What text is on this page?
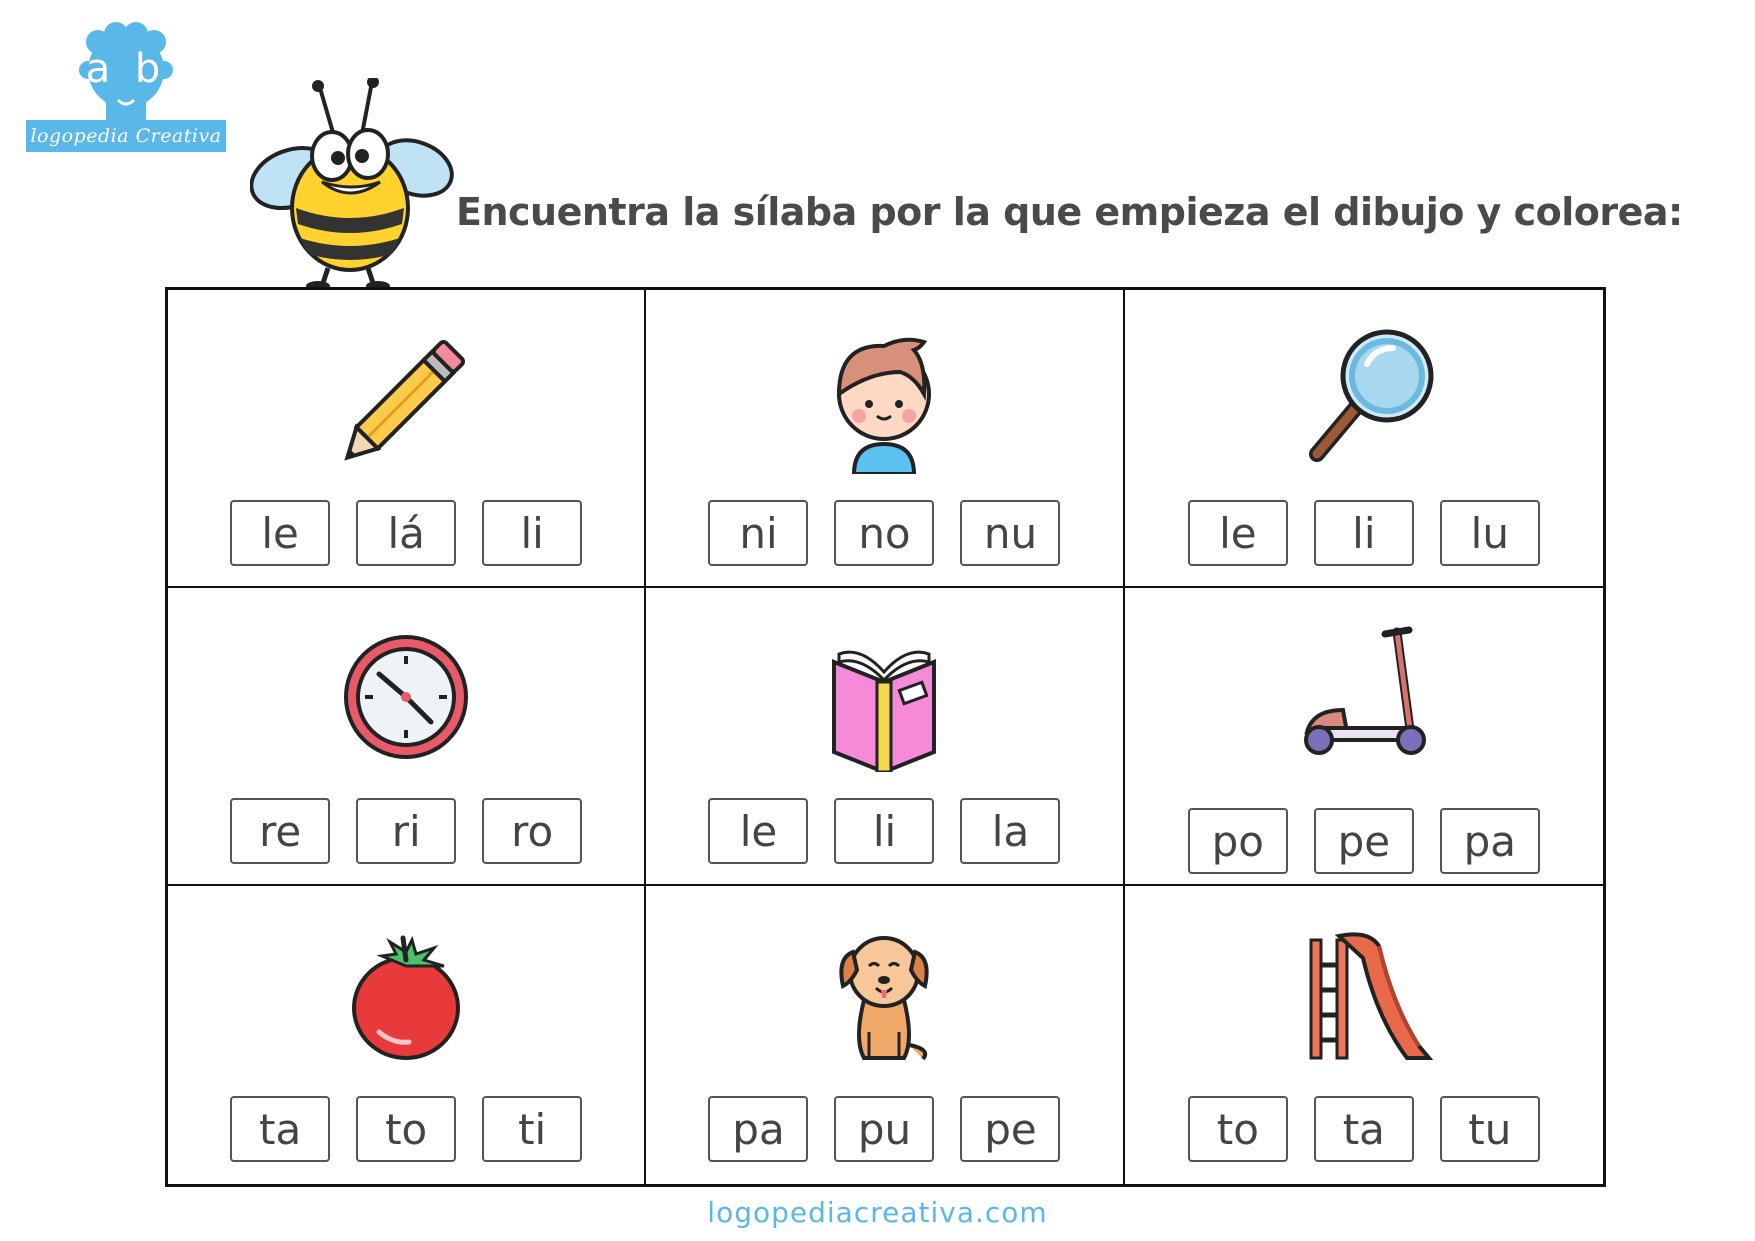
a b
logopedia Creativa
Encuentra la sílaba por la que empieza el dibujo y colorea:
le	lá	li	ni	no	nu	le	li	lu
re	ri	ro	le	li	la	po	pe	pa
ta	to	ti	pa	pu	pe	to	ta	tu
logopediacreativa.com
